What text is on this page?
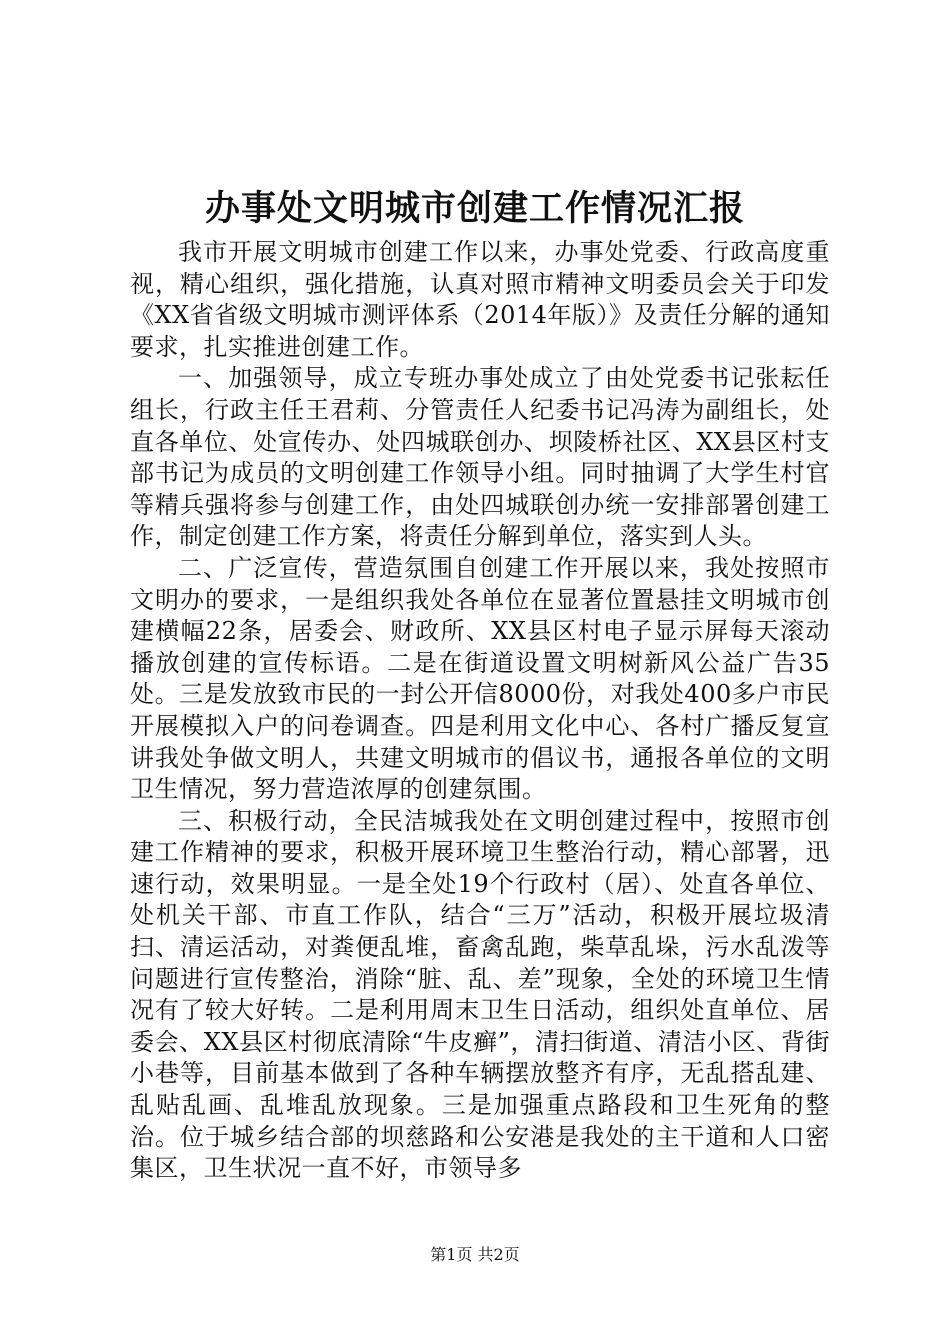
办事处文明城市创建工作情况汇报

我市开展文明城市创建工作以来，办事处党委、行政高度重视，精心组织，强化措施，认真对照市精神文明委员会关于印发《XX省省级文明城市测评体系（2014年版）》及责任分解的通知要求，扎实推进创建工作。

一、加强领导，成立专班办事处成立了由处党委书记张耘任组长，行政主任王君莉、分管责任人纪委书记冯涛为副组长，处直各单位、处宣传办、处四城联创办、坝陵桥社区、XX县区村支部书记为成员的文明创建工作领导小组。同时抽调了大学生村官等精兵强将参与创建工作，由处四城联创办统一安排部署创建工作，制定创建工作方案，将责任分解到单位，落实到人头。

二、广泛宣传，营造氛围自创建工作开展以来，我处按照市文明办的要求，一是组织我处各单位在显著位置悬挂文明城市创建横幅22条，居委会、财政所、XX县区村电子显示屏每天滚动播放创建的宣传标语。二是在街道设置文明树新风公益广告35处。三是发放致市民的一封公开信8000份，对我处400多户市民开展模拟入户的问卷调查。四是利用文化中心、各村广播反复宣讲我处争做文明人，共建文明城市的倡议书，通报各单位的文明卫生情况，努力营造浓厚的创建氛围。

三、积极行动，全民洁城我处在文明创建过程中，按照市创建工作精神的要求，积极开展环境卫生整治行动，精心部署，迅速行动，效果明显。一是全处19个行政村（居）、处直各单位、处机关干部、市直工作队，结合“三万”活动，积极开展垃圾清扫、清运活动，对粪便乱堆，畜禽乱跑，柴草乱垛，污水乱泼等问题进行宣传整治，消除“脏、乱、差”现象，全处的环境卫生情况有了较大好转。二是利用周末卫生日活动，组织处直单位、居委会、XX县区村彻底清除“牛皮癣”，清扫街道、清洁小区、背街小巷等，目前基本做到了各种车辆摆放整齐有序，无乱搭乱建、乱贴乱画、乱堆乱放现象。三是加强重点路段和卫生死角的整治。位于城乡结合部的坝慈路和公安港是我处的主干道和人口密集区，卫生状况一直不好，市领导多

第1页 共2页
